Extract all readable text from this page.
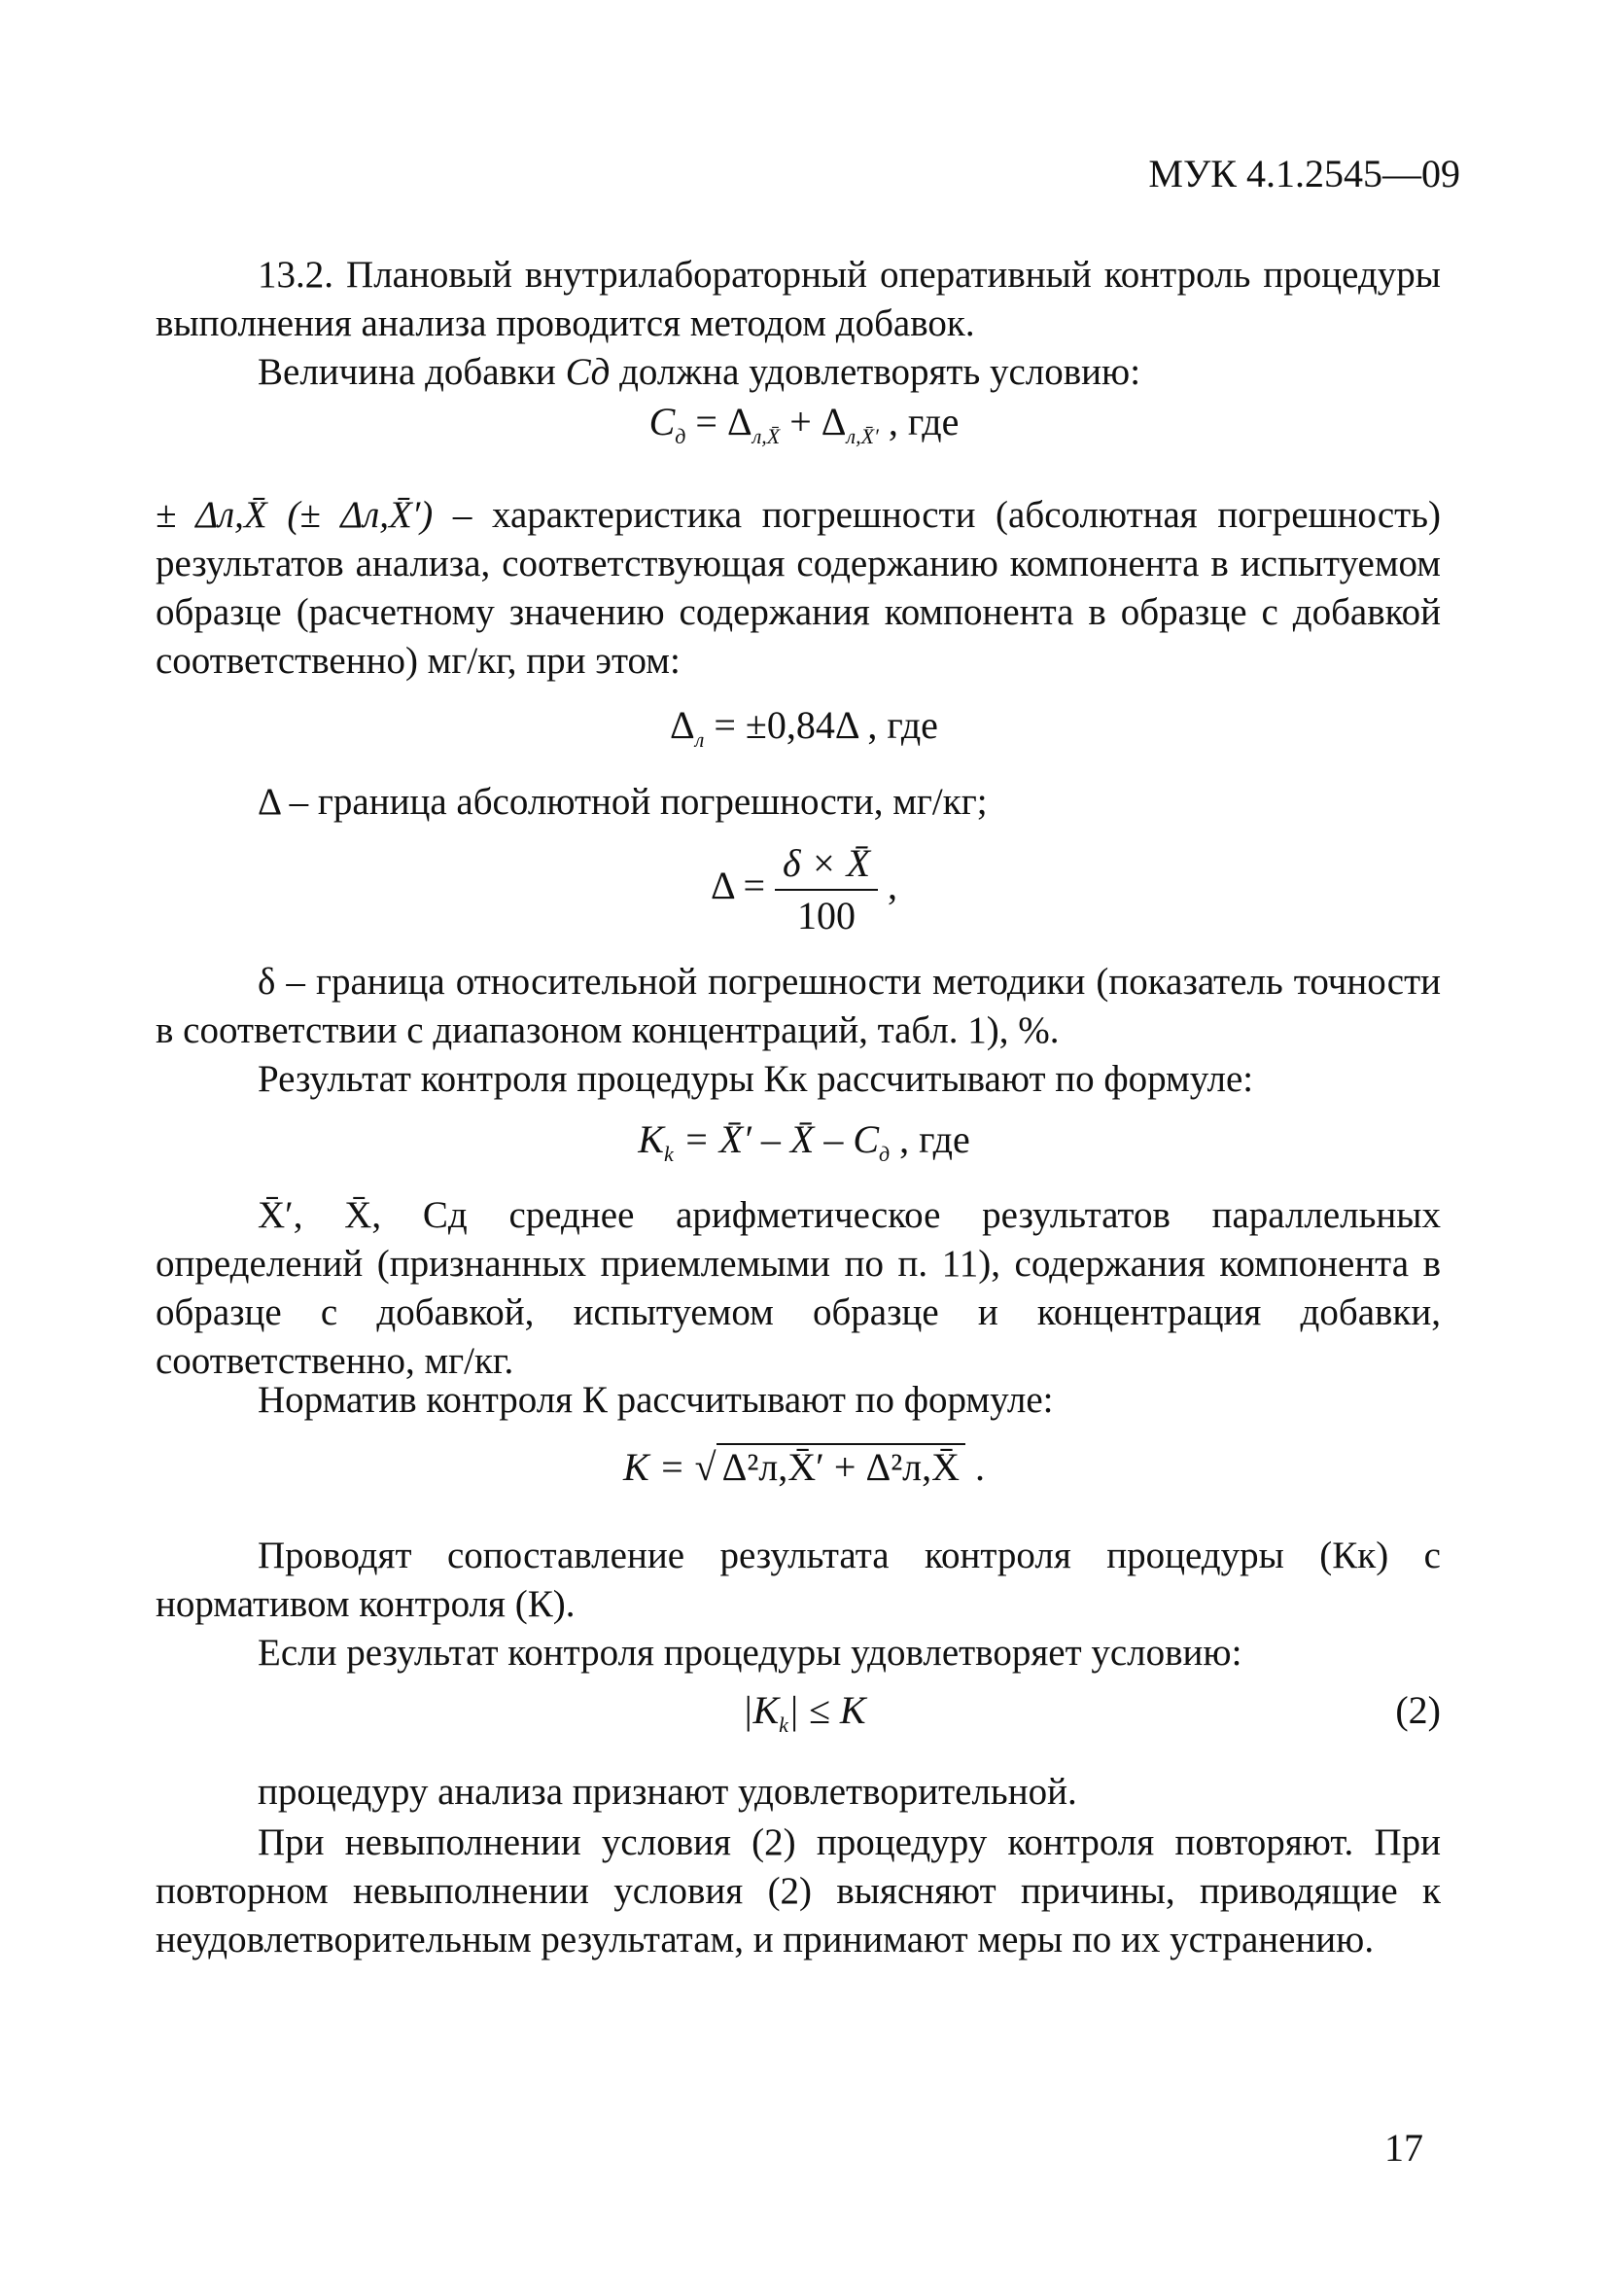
МУК 4.1.2545—09
13.2. Плановый внутрилабораторный оперативный контроль процедуры выполнения анализа проводится методом добавок.
Величина добавки Cд должна удовлетворять условию:
$C_д = \Delta_{л,X̄} + \Delta_{л,X̄'}$ , где
± Δл,X̄ (± Δл,X̄′) – характеристика погрешности (абсолютная погрешность) результатов анализа, соответствующая содержанию компонента в испытуемом образце (расчетному значению содержания компонента в образце с добавкой соответственно) мг/кг, при этом:
$\Delta_л = \pm 0,84\Delta$ , где
Δ – граница абсолютной погрешности, мг/кг;
$\Delta = \frac{\delta \times X̄}{100}$ ,
δ – граница относительной погрешности методики (показатель точности в соответствии с диапазоном концентраций, табл. 1), %.
Результат контроля процедуры Кк рассчитывают по формуле:
$K_k$ = X̄′ – X̄ – $C_д$ , где
X̄′, X̄, Cд среднее арифметическое результатов параллельных определений (признанных приемлемыми по п. 11), содержания компонента в образце с добавкой, испытуемом образце и концентрация добавки, соответственно, мг/кг.
Норматив контроля К рассчитывают по формуле:
K = √ Δ²л,X̄′ + Δ²л,X̄ .
Проводят сопоставление результата контроля процедуры (Кк) с нормативом контроля (К).
Если результат контроля процедуры удовлетворяет условию:
$|K_k| \le K$	(2)
процедуру анализа признают удовлетворительной.
При невыполнении условия (2) процедуру контроля повторяют. При повторном невыполнении условия (2) выясняют причины, приводящие к неудовлетворительным результатам, и принимают меры по их устранению.
17
